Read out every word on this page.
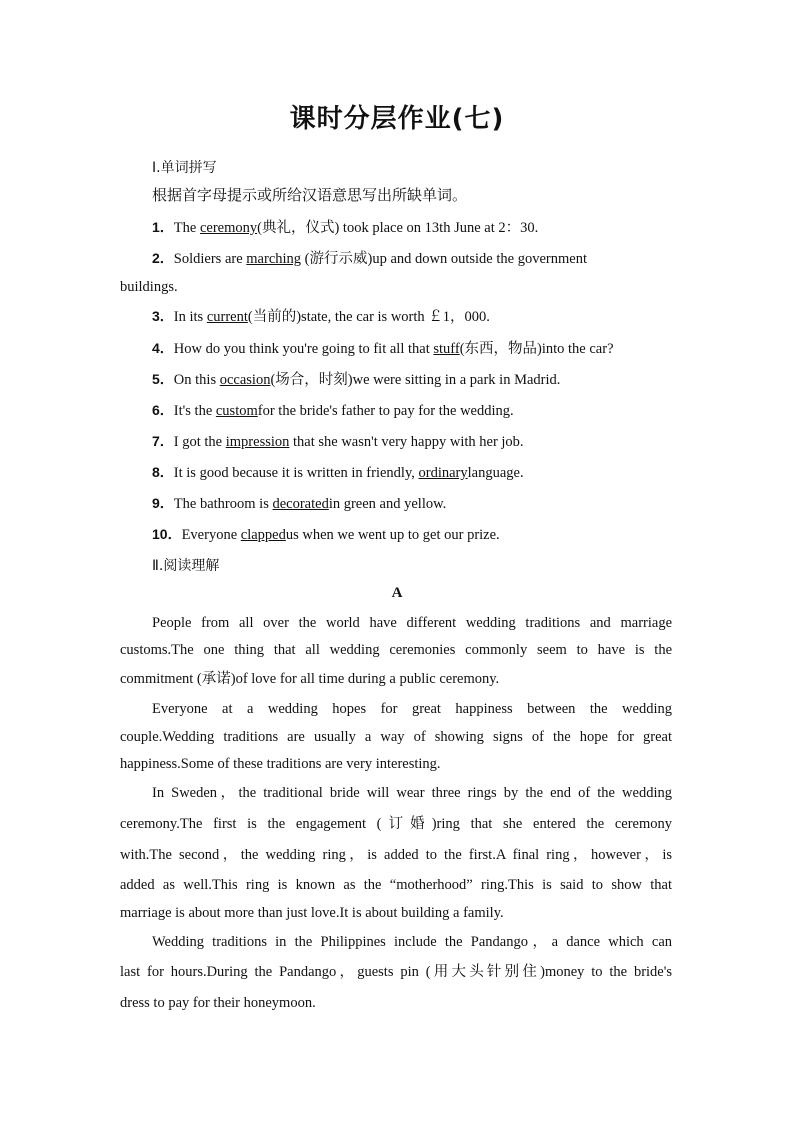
课时分层作业(七)
Ⅰ.单词拼写
根据首字母提示或所给汉语意思写出所缺单词。
1．The ceremony(典礼，仪式) took place on 13th June at 2：30.
2．Soldiers are marching (游行示威)up and down outside the government
buildings.
3．In its current(当前的)state, the car is worth ￡1，000.
4．How do you think you're going to fit all that stuff(东西，物品)into the car?
5．On this occasion(场合，时刻)we were sitting in a park in Madrid.
6．It's the customfor the bride's father to pay for the wedding.
7．I got the impression that she wasn't very happy with her job.
8．It is good because it is written in friendly, ordinarylanguage.
9．The bathroom is decoratedin green and yellow.
10．Everyone clappedus when we went up to get our prize.
Ⅱ.阅读理解
A
People from all over the world have different wedding traditions and marriage
customs.The one thing that all wedding ceremonies commonly seem to have is the
commitment (承诺)of love for all time during a public ceremony.
Everyone at a wedding hopes for great happiness between the wedding
couple.Wedding traditions are usually a way of showing signs of the hope for great
happiness.Some of these traditions are very interesting.
In Sweden，the traditional bride will wear three rings by the end of the wedding
ceremony.The first is the engagement (订婚)ring that she entered the ceremony
with.The second，the wedding ring，is added to the first.A final ring，however，is
added as well.This ring is known as the “motherhood” ring.This is said to show that
marriage is about more than just love.It is about building a family.
Wedding traditions in the Philippines include the Pandango，a dance which can
last for hours.During the Pandango，guests pin (用大头针别住)money to the bride's
dress to pay for their honeymoon.
